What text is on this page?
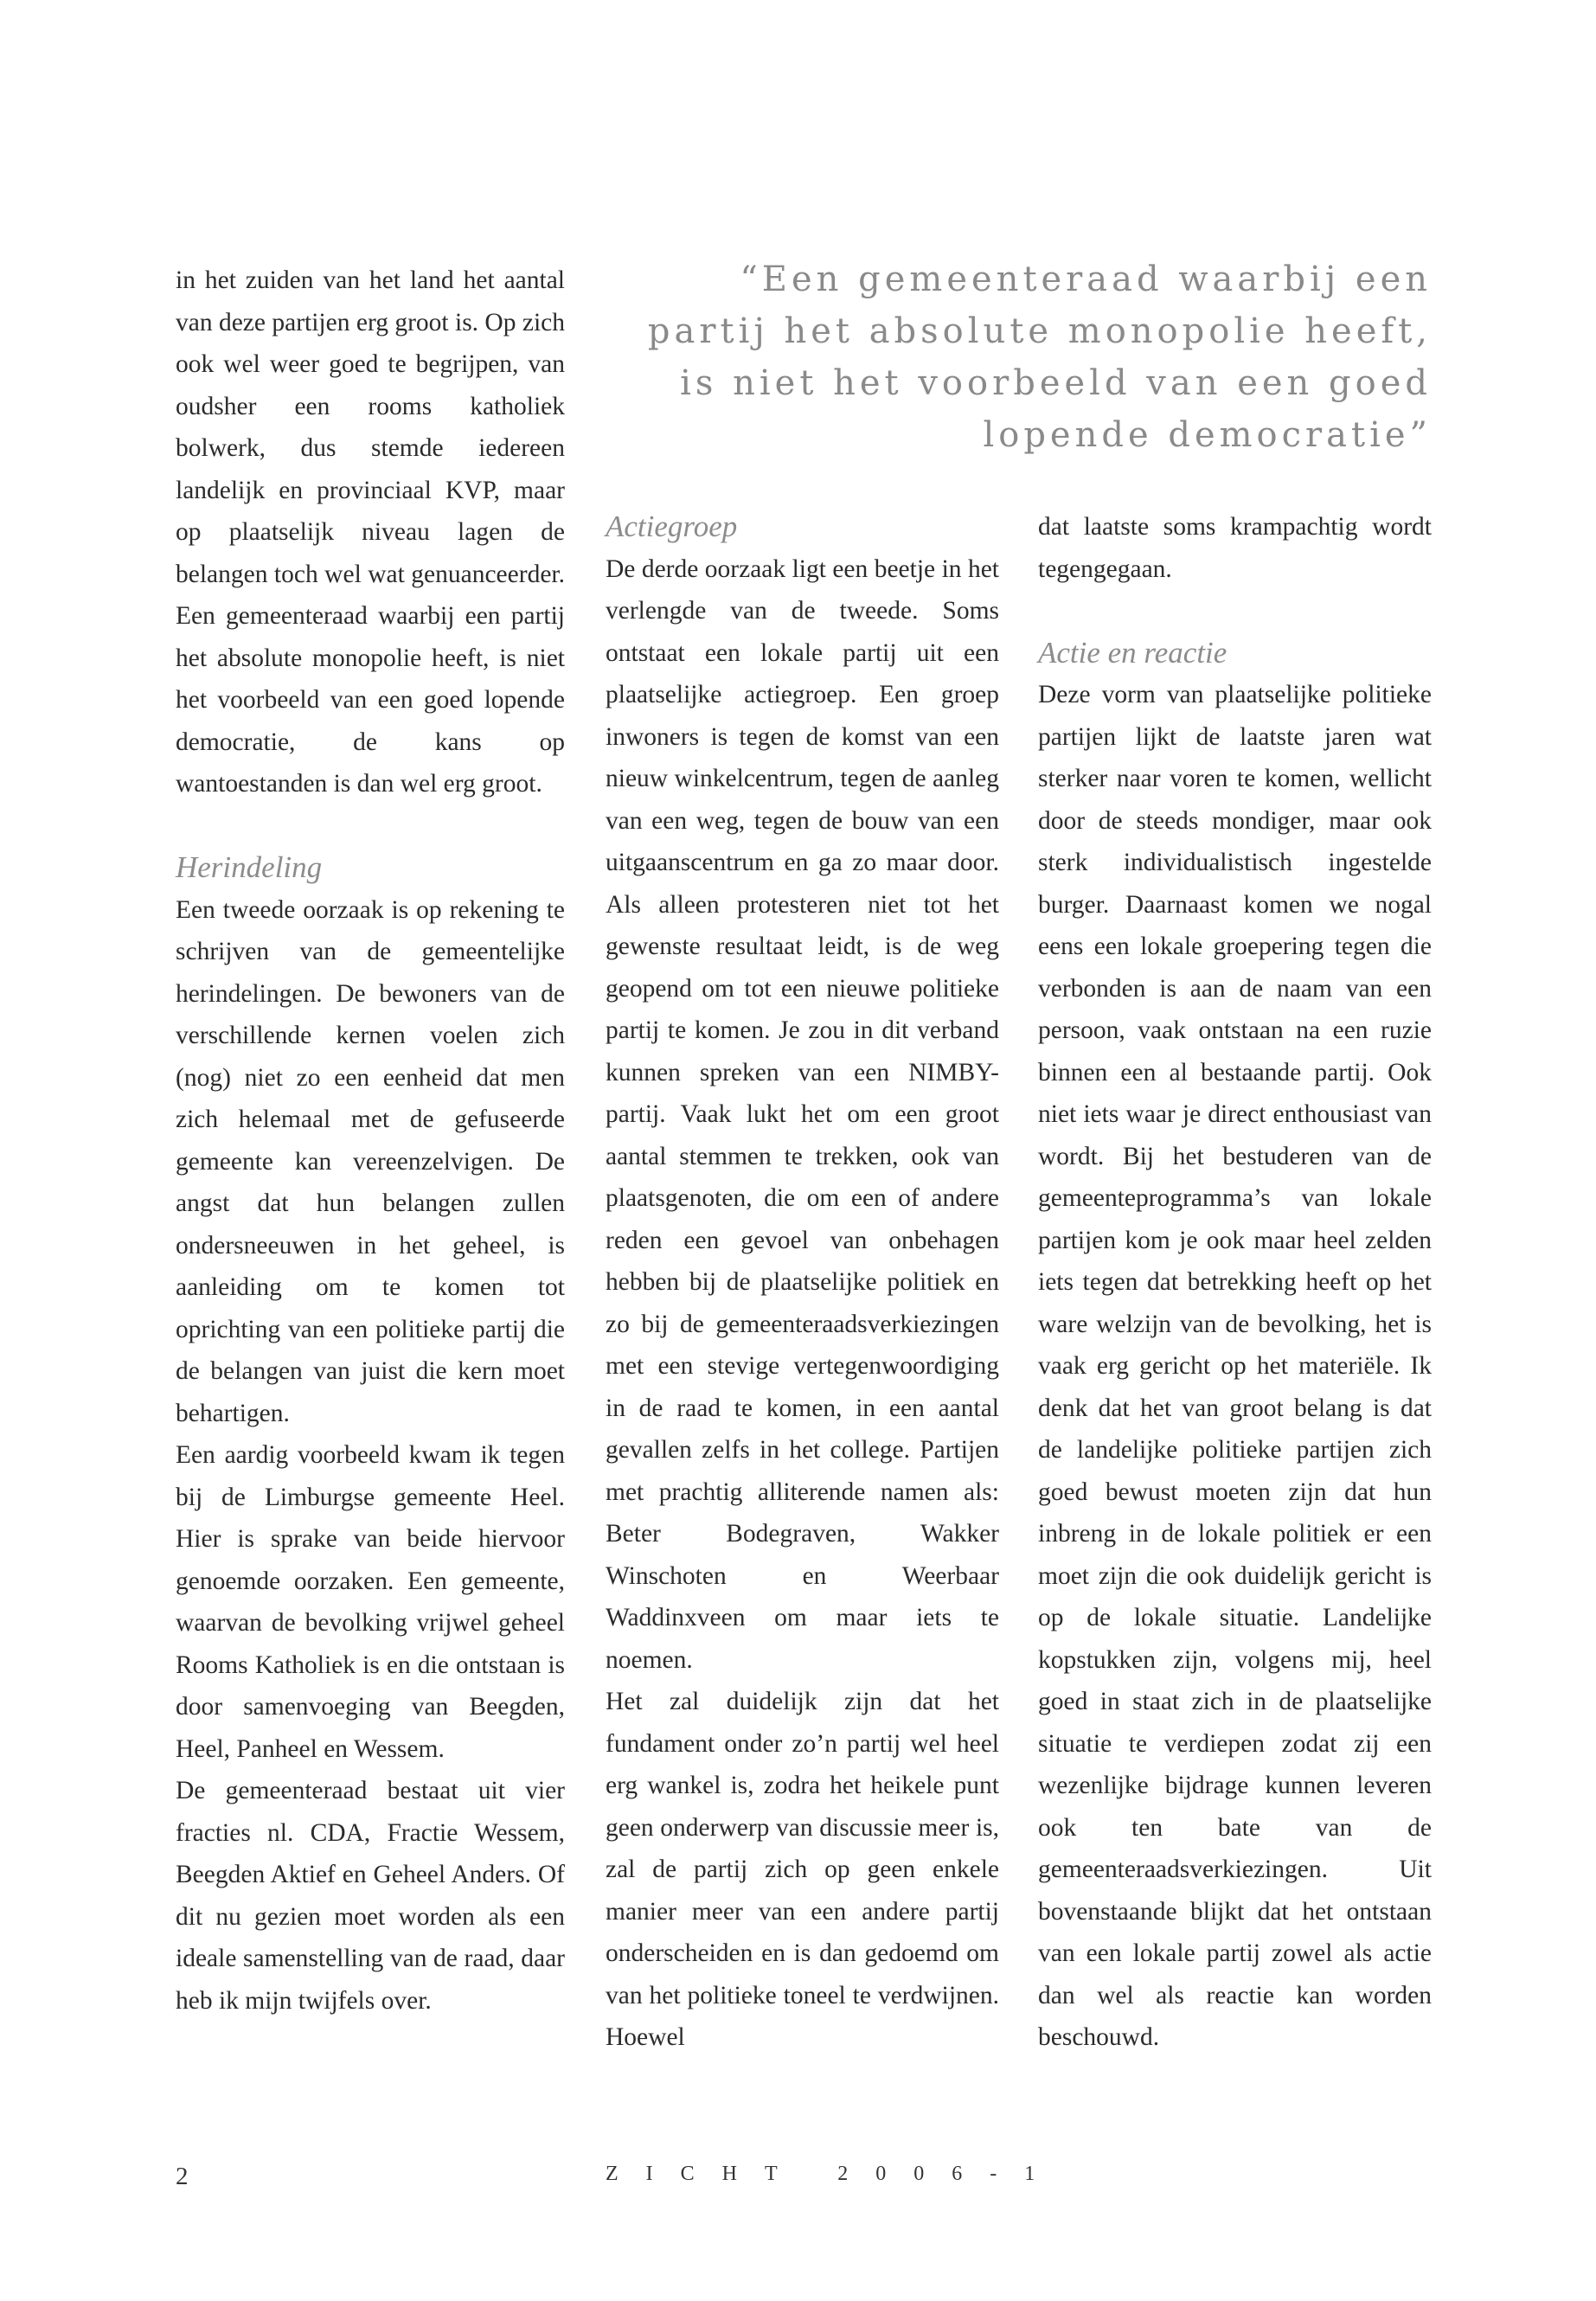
“Een gemeenteraad waarbij een partij het absolute monopolie heeft, is niet het voorbeeld van een goed lopende democratie”

in het zuiden van het land het aantal van deze partijen erg groot is. Op zich ook wel weer goed te begrijpen, van oudsher een rooms katholiek bolwerk, dus stemde iedereen landelijk en provinciaal KVP, maar op plaatselijk niveau lagen de belangen toch wel wat genuanceerder. Een gemeenteraad waarbij een partij het absolute monopolie heeft, is niet het voorbeeld van een goed lopende democratie, de kans op wantoestanden is dan wel erg groot.

Herindeling

Een tweede oorzaak is op rekening te schrijven van de gemeentelijke herindelingen. De bewoners van de verschillende kernen voelen zich (nog) niet zo een eenheid dat men zich helemaal met de gefuseerde gemeente kan vereenzelvigen. De angst dat hun belangen zullen ondersneeuwen in het geheel, is aanleiding om te komen tot oprichting van een politieke partij die de belangen van juist die kern moet behartigen.

Een aardig voorbeeld kwam ik tegen bij de Limburgse gemeente Heel. Hier is sprake van beide hiervoor genoemde oorzaken. Een gemeente, waarvan de bevolking vrijwel geheel Rooms Katholiek is en die ontstaan is door samenvoeging van Beegden, Heel, Panheel en Wessem.

De gemeenteraad bestaat uit vier fracties nl. CDA, Fractie Wessem, Beegden Aktief en Geheel Anders. Of dit nu gezien moet worden als een ideale samenstelling van de raad, daar heb ik mijn twijfels over.

Actiegroep

De derde oorzaak ligt een beetje in het verlengde van de tweede. Soms ontstaat een lokale partij uit een plaatselijke actiegroep. Een groep inwoners is tegen de komst van een nieuw winkelcentrum, tegen de aanleg van een weg, tegen de bouw van een uitgaanscentrum en ga zo maar door. Als alleen protesteren niet tot het gewenste resultaat leidt, is de weg geopend om tot een nieuwe politieke partij te komen. Je zou in dit verband kunnen spreken van een NIMBY- partij. Vaak lukt het om een groot aantal stemmen te trekken, ook van plaatsgenoten, die om een of andere reden een gevoel van onbehagen hebben bij de plaatselijke politiek en zo bij de gemeenteraadsverkiezingen met een stevige vertegenwoordiging in de raad te komen, in een aantal gevallen zelfs in het college. Partijen met prachtig alliterende namen als: Beter Bodegraven, Wakker Winschoten en Weerbaar Waddinxveen om maar iets te noemen.

Het zal duidelijk zijn dat het fundament onder zo’n partij wel heel erg wankel is, zodra het heikele punt geen onderwerp van discussie meer is, zal de partij zich op geen enkele manier meer van een andere partij onderscheiden en is dan gedoemd om van het politieke toneel te verdwijnen. Hoewel

dat laatste soms krampachtig wordt tegengegaan.

Actie en reactie

Deze vorm van plaatselijke politieke partijen lijkt de laatste jaren wat sterker naar voren te komen, wellicht door de steeds mondiger, maar ook sterk individualistisch ingestelde burger. Daarnaast komen we nogal eens een lokale groepering tegen die verbonden is aan de naam van een persoon, vaak ontstaan na een ruzie binnen een al bestaande partij. Ook niet iets waar je direct enthousiast van wordt. Bij het bestuderen van de gemeenteprogramma’s van lokale partijen kom je ook maar heel zelden iets tegen dat betrekking heeft op het ware welzijn van de bevolking, het is vaak erg gericht op het materiële. Ik denk dat het van groot belang is dat de landelijke politieke partijen zich goed bewust moeten zijn dat hun inbreng in de lokale politiek er een moet zijn die ook duidelijk gericht is op de lokale situatie. Landelijke kopstukken zijn, volgens mij, heel goed in staat zich in de plaatselijke situatie te verdiepen zodat zij een wezenlijke bijdrage kunnen leveren ook ten bate van de gemeenteraadsverkiezingen. Uit bovenstaande blijkt dat het ontstaan van een lokale partij zowel als actie dan wel als reactie kan worden beschouwd.

2	ZICHT 2006-1
